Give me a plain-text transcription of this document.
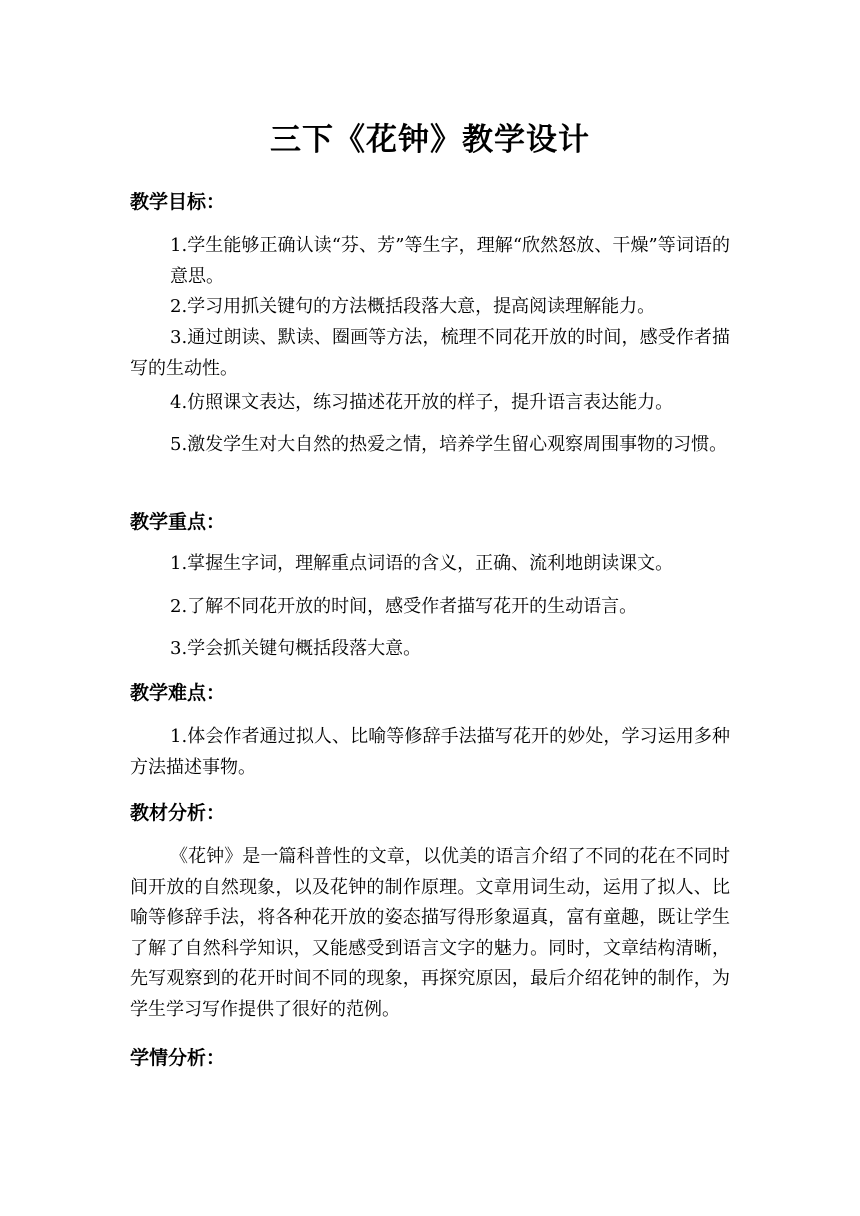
三下《花钟》教学设计
教学目标：
1.学生能够正确认读“芬、芳”等生字，理解“欣然怒放、干燥”等词语的意思。
2.学习用抓关键句的方法概括段落大意，提高阅读理解能力。
3.通过朗读、默读、圈画等方法，梳理不同花开放的时间，感受作者描写的生动性。
4.仿照课文表达，练习描述花开放的样子，提升语言表达能力。
5.激发学生对大自然的热爱之情，培养学生留心观察周围事物的习惯。
教学重点：
1.掌握生字词，理解重点词语的含义，正确、流利地朗读课文。
2.了解不同花开放的时间，感受作者描写花开的生动语言。
3.学会抓关键句概括段落大意。
教学难点：
1.体会作者通过拟人、比喻等修辞手法描写花开的妙处，学习运用多种方法描述事物。
教材分析：
《花钟》是一篇科普性的文章，以优美的语言介绍了不同的花在不同时间开放的自然现象，以及花钟的制作原理。文章用词生动，运用了拟人、比喻等修辞手法，将各种花开放的姿态描写得形象逼真，富有童趣，既让学生了解了自然科学知识，又能感受到语言文字的魅力。同时，文章结构清晰，先写观察到的花开时间不同的现象，再探究原因，最后介绍花钟的制作，为学生学习写作提供了很好的范例。
学情分析：
